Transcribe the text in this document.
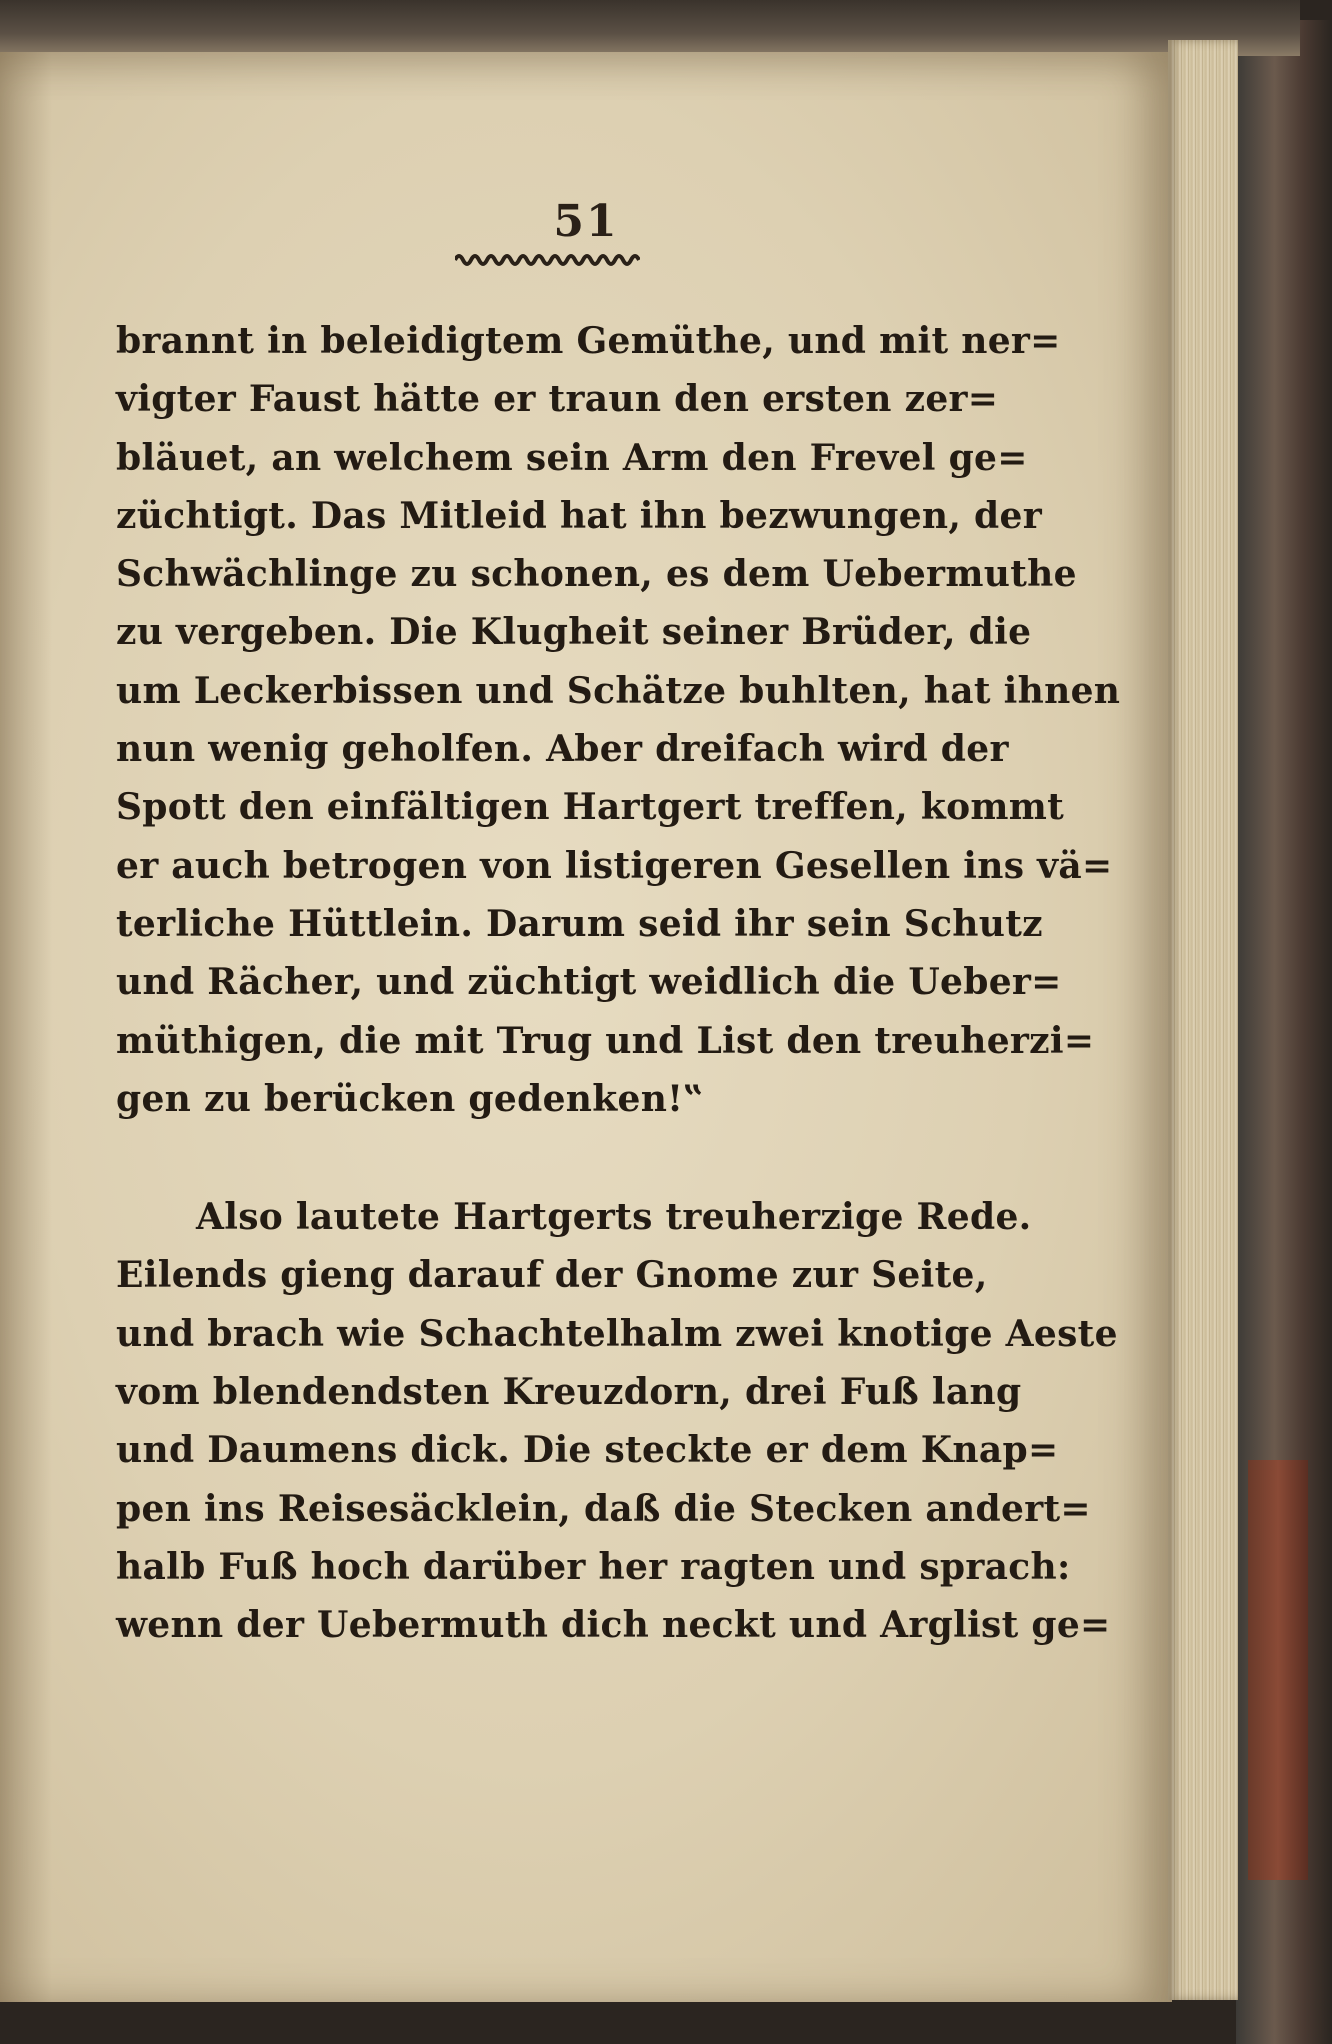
51
brannt in beleidigtem Gemüthe, und mit ner=
vigter Faust hätte er traun den ersten zer=
bläuet, an welchem sein Arm den Frevel ge=
züchtigt. Das Mitleid hat ihn bezwungen, der
Schwächlinge zu schonen, es dem Uebermuthe
zu vergeben. Die Klugheit seiner Brüder, die
um Leckerbissen und Schätze buhlten, hat ihnen
nun wenig geholfen. Aber dreifach wird der
Spott den einfältigen Hartgert treffen, kommt
er auch betrogen von listigeren Gesellen ins vä=
terliche Hüttlein. Darum seid ihr sein Schutz
und Rächer, und züchtigt weidlich die Ueber=
müthigen, die mit Trug und List den treuherzi=
gen zu berücken gedenken!‟
Also lautete Hartgerts treuherzige Rede.
Eilends gieng darauf der Gnome zur Seite,
und brach wie Schachtelhalm zwei knotige Aeste
vom blendendsten Kreuzdorn, drei Fuß lang
und Daumens dick. Die steckte er dem Knap=
pen ins Reisesäcklein, daß die Stecken andert=
halb Fuß hoch darüber her ragten und sprach:
wenn der Uebermuth dich neckt und Arglist ge=
